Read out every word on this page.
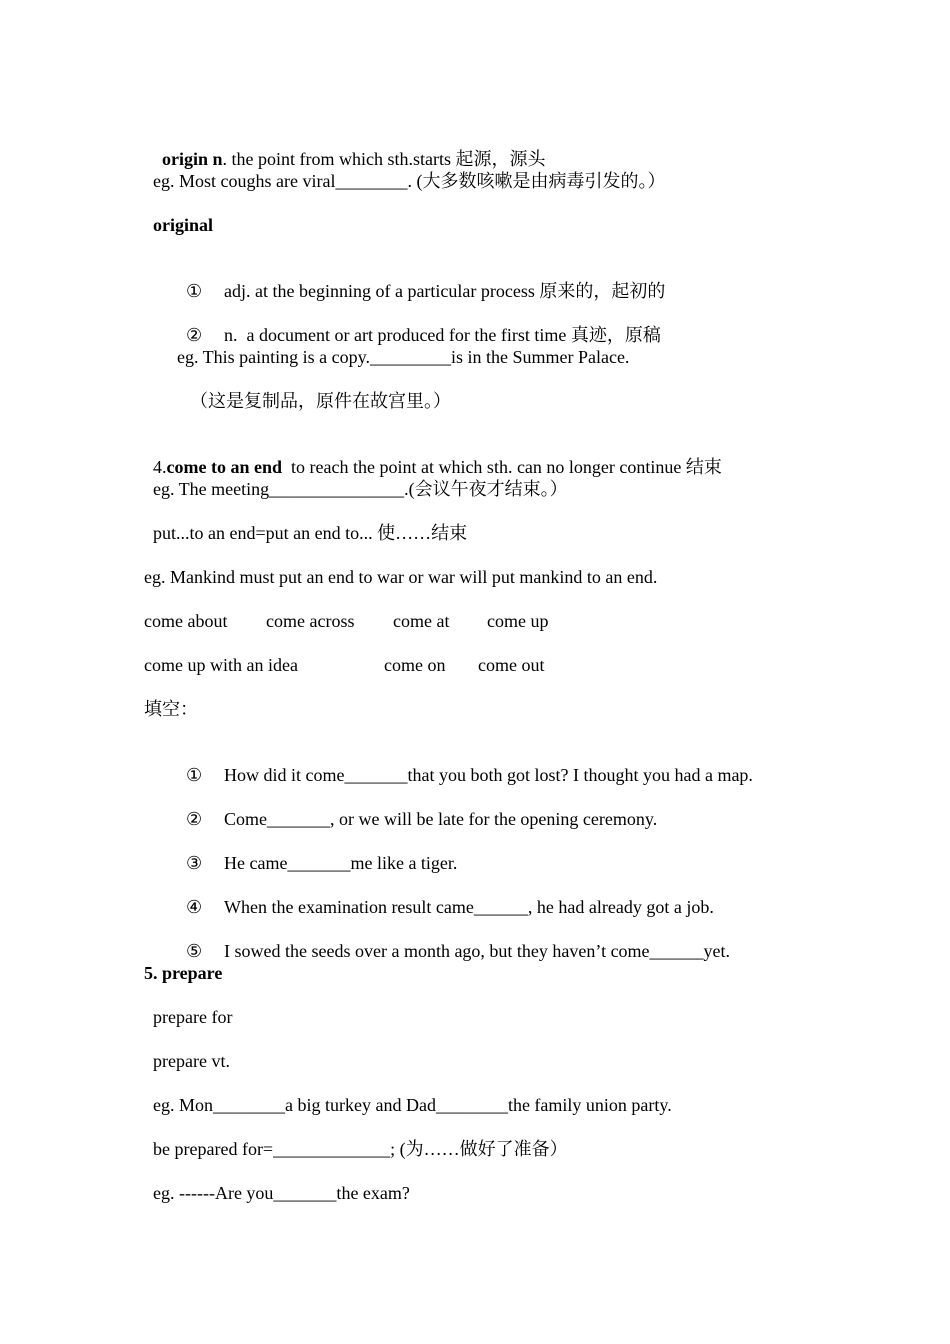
origin n. the point from which sth.starts 起源，源头

eg. Most coughs are viral________. (大多数咳嗽是由病毒引发的。）
original

① adj. at the beginning of a particular process 原来的，起初的

② n.  a document or art produced for the first time 真迹，原稿

eg. This painting is a copy._________is in the Summer Palace.
（这是复制品，原件在故宫里。）

4.come to an end  to reach the point at which sth. can no longer continue 结束

eg. The meeting_______________.(会议午夜才结束。）
put...to an end=put an end to... 使……结束
eg. Mankind must put an end to war or war will put mankind to an end.
come about come across come at come up
come up with an idea	come on come out
填空：

① How did it come_______that you both got lost? I thought you had a map.

② Come_______, or we will be late for the opening ceremony.

③ He came_______me like a tiger.

④ When the examination result came______, he had already got a job.

⑤ I sowed the seeds over a month ago, but they haven’t come______yet.

5. prepare
prepare for
prepare vt.
eg. Mon________a big turkey and Dad________the family union party.
be prepared for=_____________; (为……做好了准备）
eg. ------Are you_______the exam?
